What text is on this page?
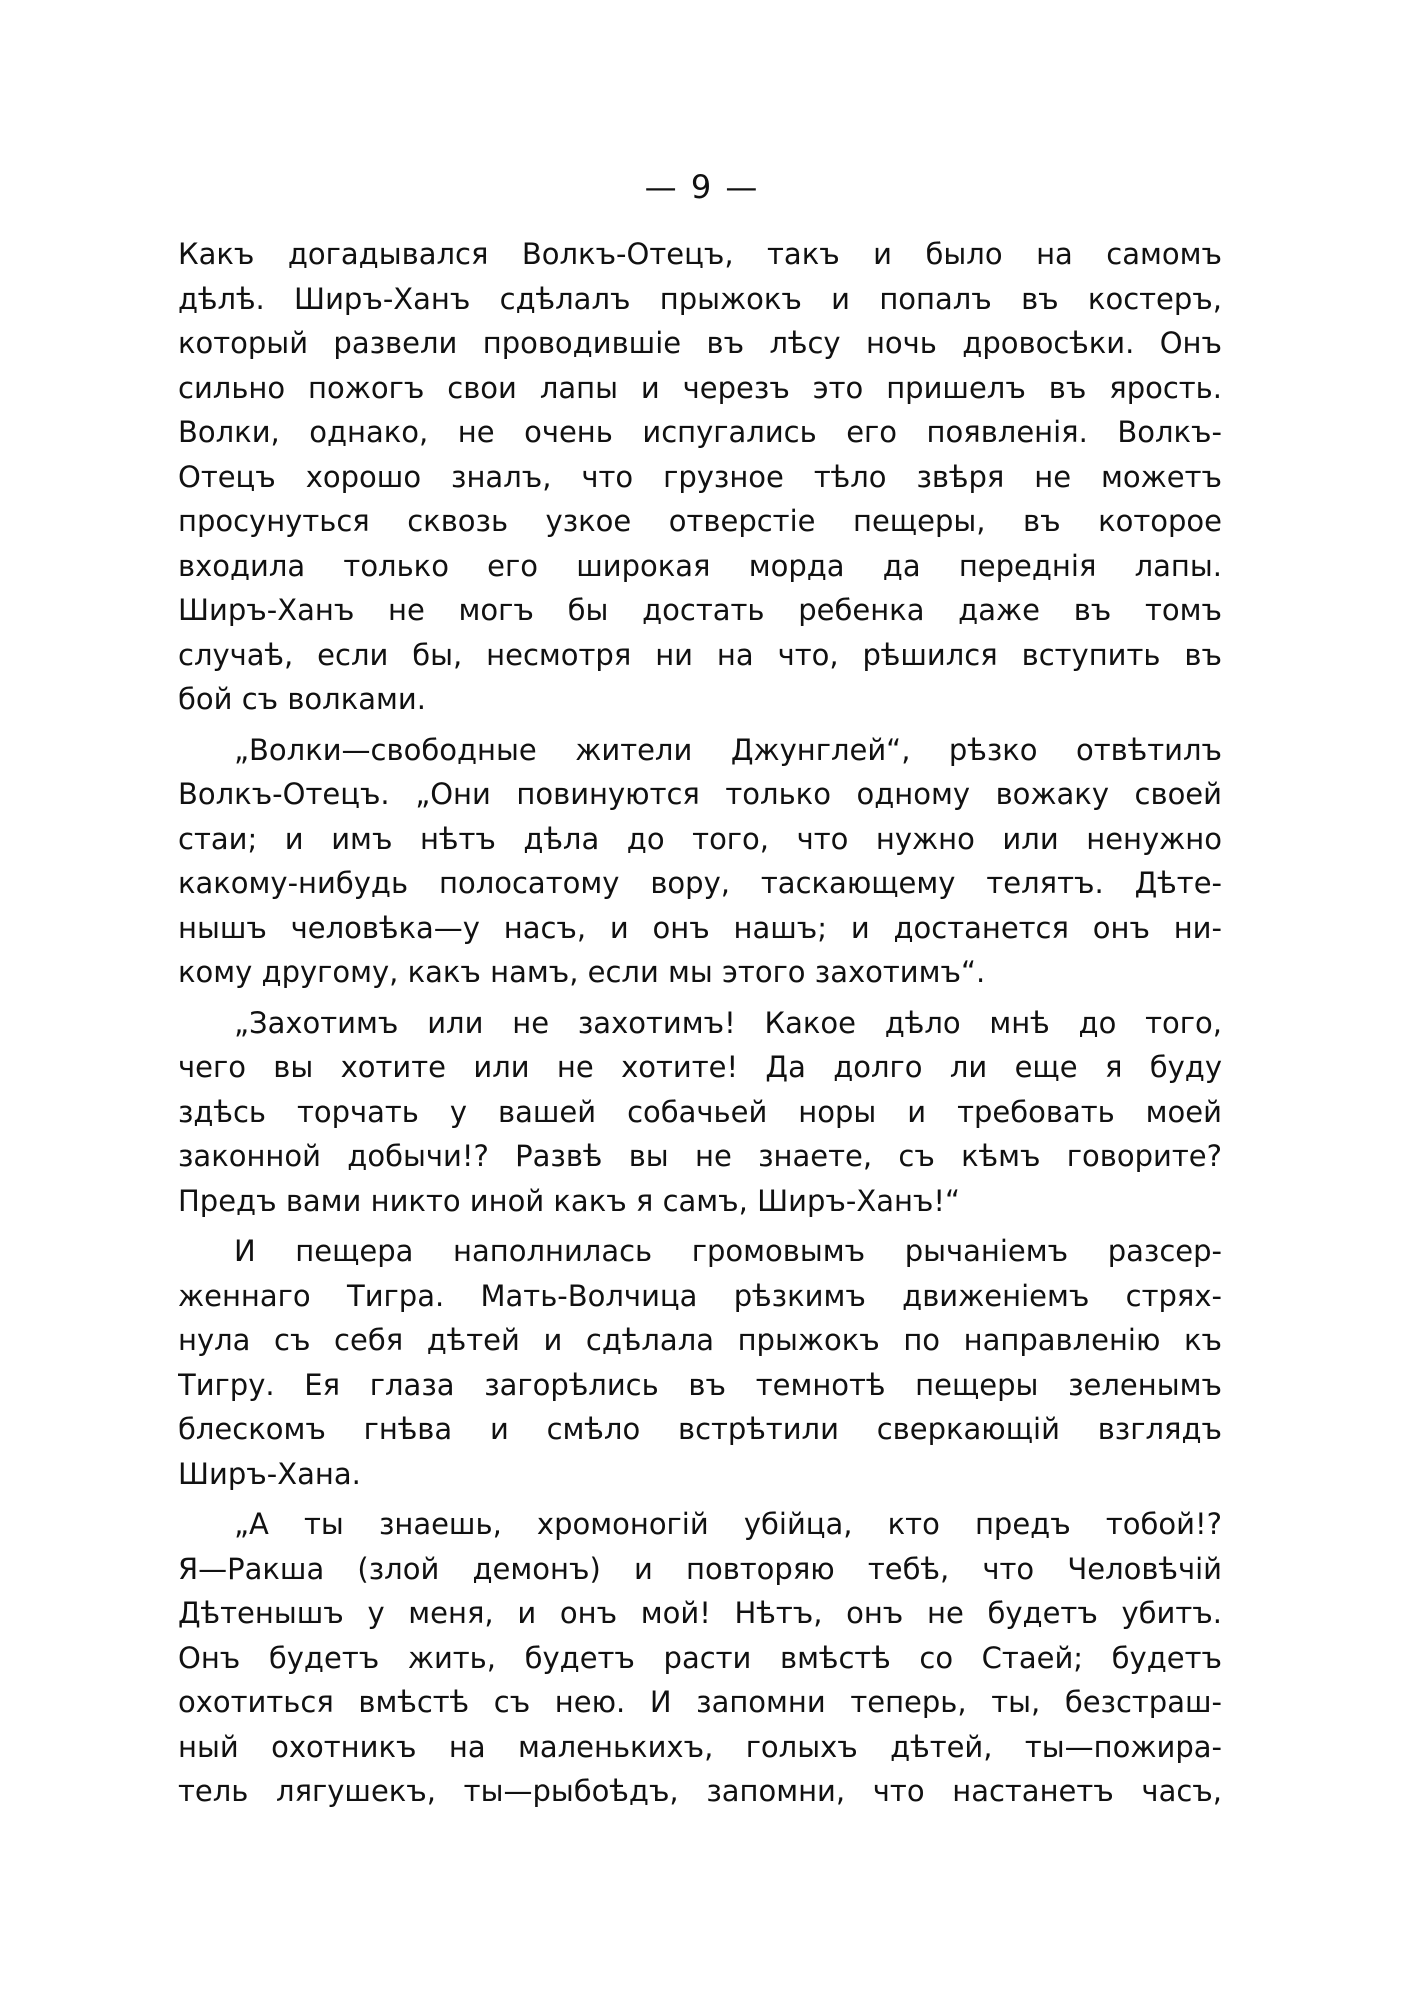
— 9 —
Какъ догадывался Волкъ-Отецъ, такъ и было на самомъ
дѣлѣ. Ширъ-Ханъ сдѣлалъ прыжокъ и попалъ въ костеръ,
который развели проводившіе въ лѣсу ночь дровосѣки. Онъ
сильно пожогъ свои лапы и черезъ это пришелъ въ ярость.
Волки, однако, не очень испугались его появленія. Волкъ-
Отецъ хорошо зналъ, что грузное тѣло звѣря не можетъ
просунуться сквозь узкое отверстіе пещеры, въ которое
входила только его широкая морда да переднія лапы.
Ширъ-Ханъ не могъ бы достать ребенка даже въ томъ
случаѣ, если бы, несмотря ни на что, рѣшился вступить въ
бой съ волками.
„Волки—свободные жители Джунглей“, рѣзко отвѣтилъ
Волкъ-Отецъ. „Они повинуются только одному вожаку своей
стаи; и имъ нѣтъ дѣла до того, что нужно или ненужно
какому-нибудь полосатому вору, таскающему телятъ. Дѣте-
нышъ человѣка—у насъ, и онъ нашъ; и достанется онъ ни-
кому другому, какъ намъ, если мы этого захотимъ“.
„Захотимъ или не захотимъ! Какое дѣло мнѣ до того,
чего вы хотите или не хотите! Да долго ли еще я буду
здѣсь торчать у вашей собачьей норы и требовать моей
законной добычи!? Развѣ вы не знаете, съ кѣмъ говорите?
Предъ вами никто иной какъ я самъ, Ширъ-Ханъ!“
И пещера наполнилась громовымъ рычаніемъ разсер-
женнаго Тигра. Мать-Волчица рѣзкимъ движеніемъ стрях-
нула съ себя дѣтей и сдѣлала прыжокъ по направленію къ
Тигру. Ея глаза загорѣлись въ темнотѣ пещеры зеленымъ
блескомъ гнѣва и смѣло встрѣтили сверкающій взглядъ
Ширъ-Хана.
„А ты знаешь, хромоногій убійца, кто предъ тобой!?
Я—Ракша (злой демонъ) и повторяю тебѣ, что Человѣчій
Дѣтенышъ у меня, и онъ мой! Нѣтъ, онъ не будетъ убитъ.
Онъ будетъ жить, будетъ расти вмѣстѣ со Стаей; будетъ
охотиться вмѣстѣ съ нею. И запомни теперь, ты, безстраш-
ный охотникъ на маленькихъ, голыхъ дѣтей, ты—пожира-
тель лягушекъ, ты—рыбоѣдъ, запомни, что настанетъ часъ,
